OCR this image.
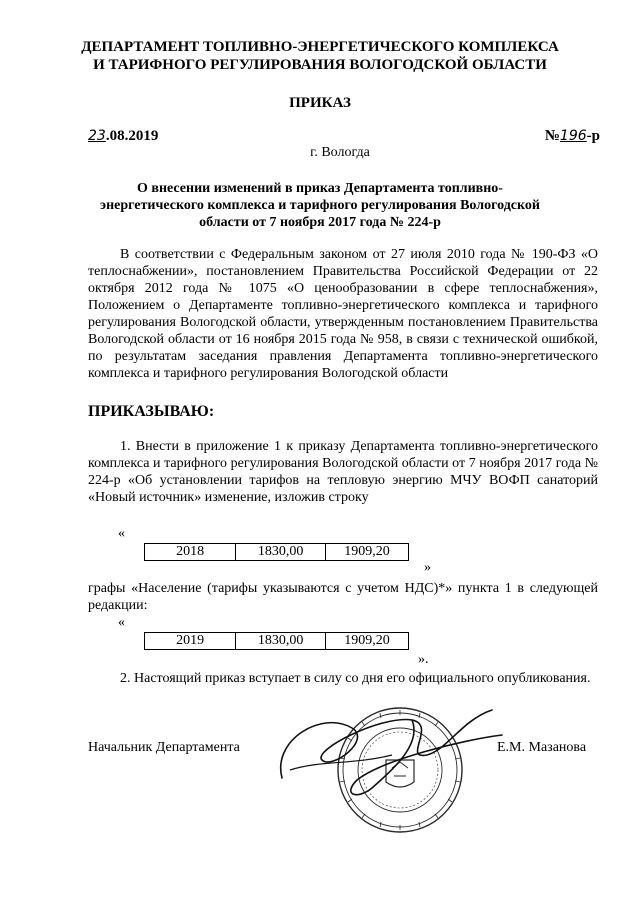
ДЕПАРТАМЕНТ ТОПЛИВНО-ЭНЕРГЕТИЧЕСКОГО КОМПЛЕКСА
И ТАРИФНОГО РЕГУЛИРОВАНИЯ ВОЛОГОДСКОЙ ОБЛАСТИ
ПРИКАЗ
23.08.2019	№196-р
г. Вологда
О внесении изменений в приказ Департамента топливно-
энергетического комплекса и тарифного регулирования Вологодской
области от 7 ноября 2017 года № 224-р
В соответствии с Федеральным законом от 27 июля 2010 года № 190-ФЗ «О теплоснабжении», постановлением Правительства Российской Федерации от 22 октября 2012 года № 1075 «О ценообразовании в сфере теплоснабжения», Положением о Департаменте топливно-энергетического комплекса и тарифного регулирования Вологодской области, утвержденным постановлением Правительства Вологодской области от 16 ноября 2015 года № 958, в связи с технической ошибкой, по результатам заседания правления Департамента топливно-энергетического комплекса и тарифного регулирования Вологодской области
ПРИКАЗЫВАЮ:
1. Внести в приложение 1 к приказу Департамента топливно-энергетического комплекса и тарифного регулирования Вологодской области от 7 ноября 2017 года № 224-р «Об установлении тарифов на тепловую энергию МЧУ ВОФП санаторий «Новый источник» изменение, изложив строку
«
2018	1830,00	1909,20
»
графы «Население (тарифы указываются с учетом НДС)*» пункта 1 в следующей редакции:
«
2019	1830,00	1909,20
».
2. Настоящий приказ вступает в силу со дня его официального опубликования.
Начальник Департамента	Е.М. Мазанова
